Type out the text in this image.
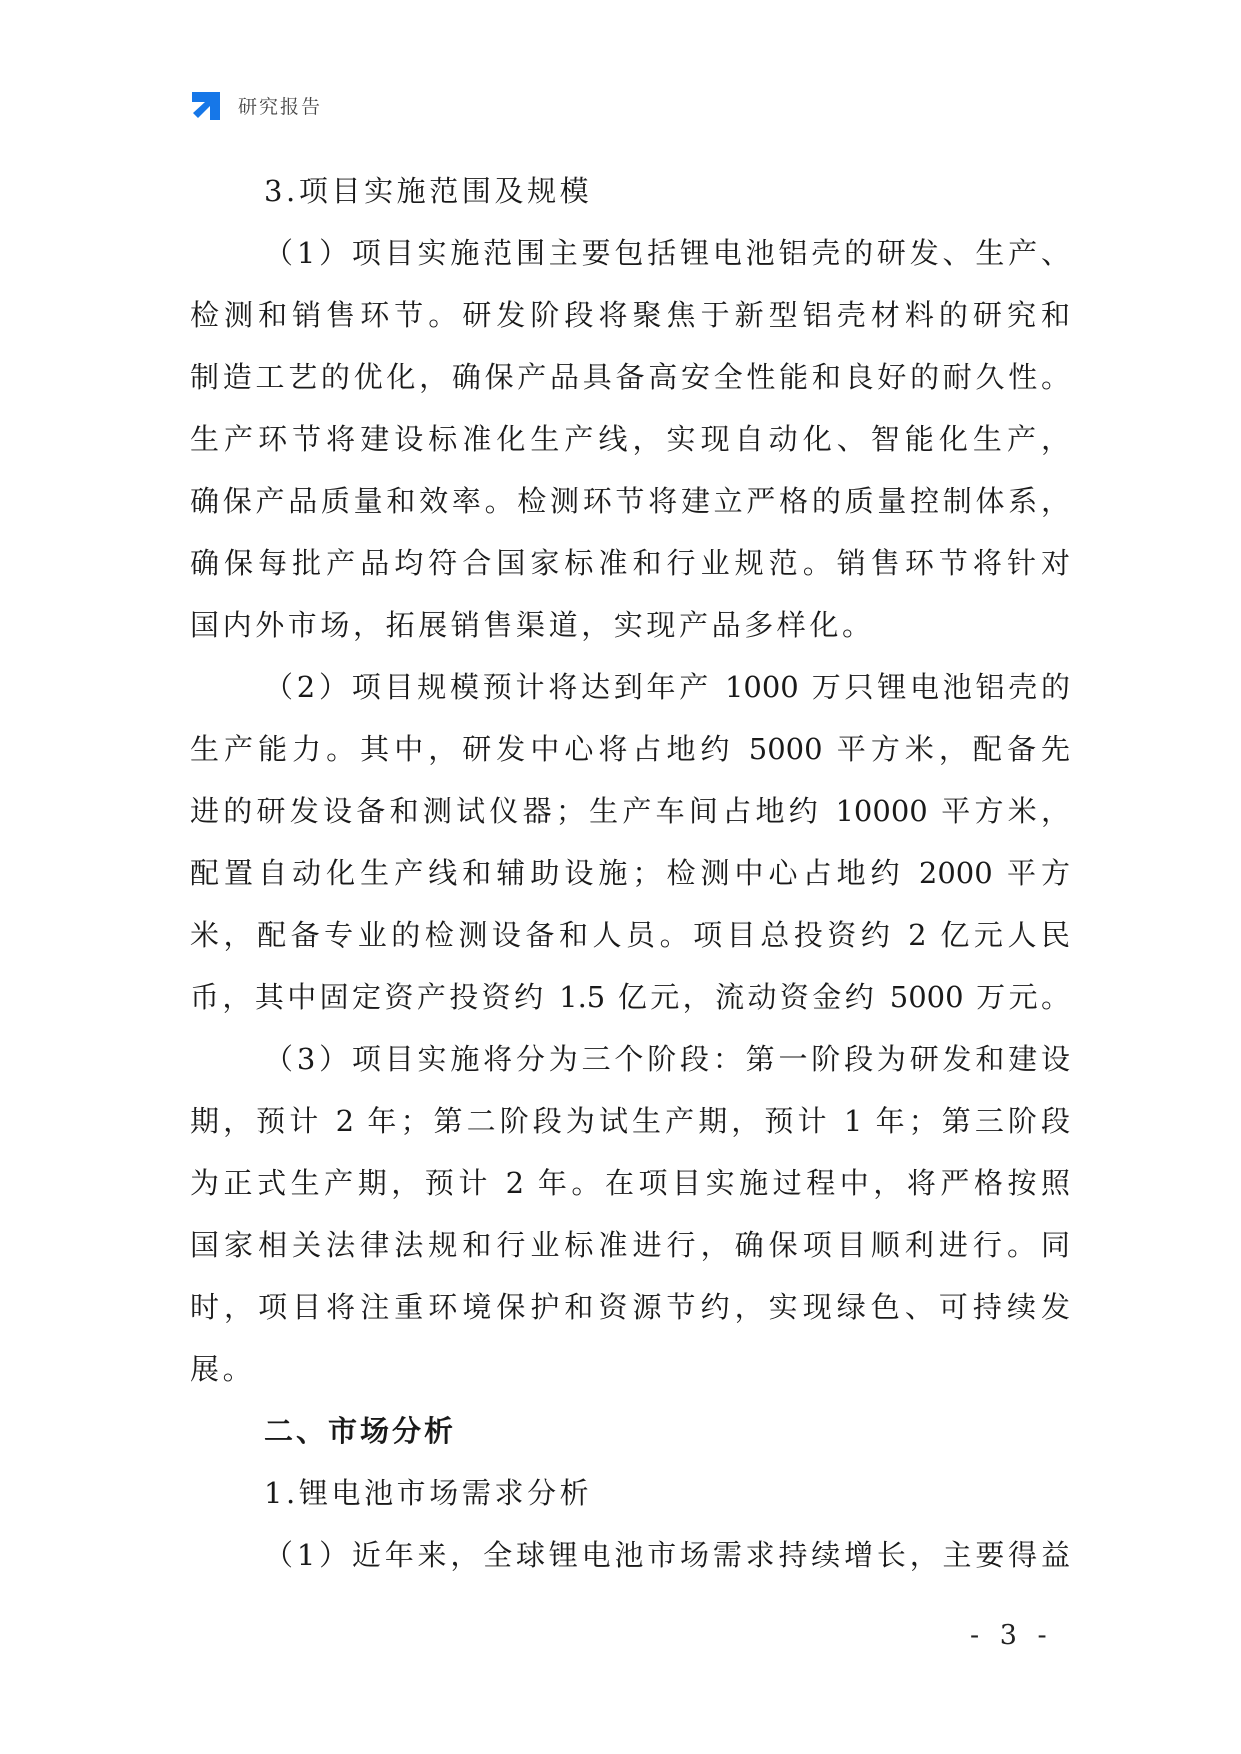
研究报告
3.项目实施范围及规模
（1）项目实施范围主要包括锂电池铝壳的研发、生产、
检测和销售环节。研发阶段将聚焦于新型铝壳材料的研究和
制造工艺的优化，确保产品具备高安全性能和良好的耐久性。
生产环节将建设标准化生产线，实现自动化、智能化生产，
确保产品质量和效率。检测环节将建立严格的质量控制体系，
确保每批产品均符合国家标准和行业规范。销售环节将针对
国内外市场，拓展销售渠道，实现产品多样化。
（2）项目规模预计将达到年产 1000 万只锂电池铝壳的
生产能力。其中，研发中心将占地约 5000 平方米，配备先
进的研发设备和测试仪器；生产车间占地约 10000 平方米，
配置自动化生产线和辅助设施；检测中心占地约 2000 平方
米，配备专业的检测设备和人员。项目总投资约 2 亿元人民
币，其中固定资产投资约 1.5 亿元，流动资金约 5000 万元。
（3）项目实施将分为三个阶段：第一阶段为研发和建设
期，预计 2 年；第二阶段为试生产期，预计 1 年；第三阶段
为正式生产期，预计 2 年。在项目实施过程中，将严格按照
国家相关法律法规和行业标准进行，确保项目顺利进行。同
时，项目将注重环境保护和资源节约，实现绿色、可持续发
展。
二、市场分析
1.锂电池市场需求分析
（1）近年来，全球锂电池市场需求持续增长，主要得益
- 3 -
